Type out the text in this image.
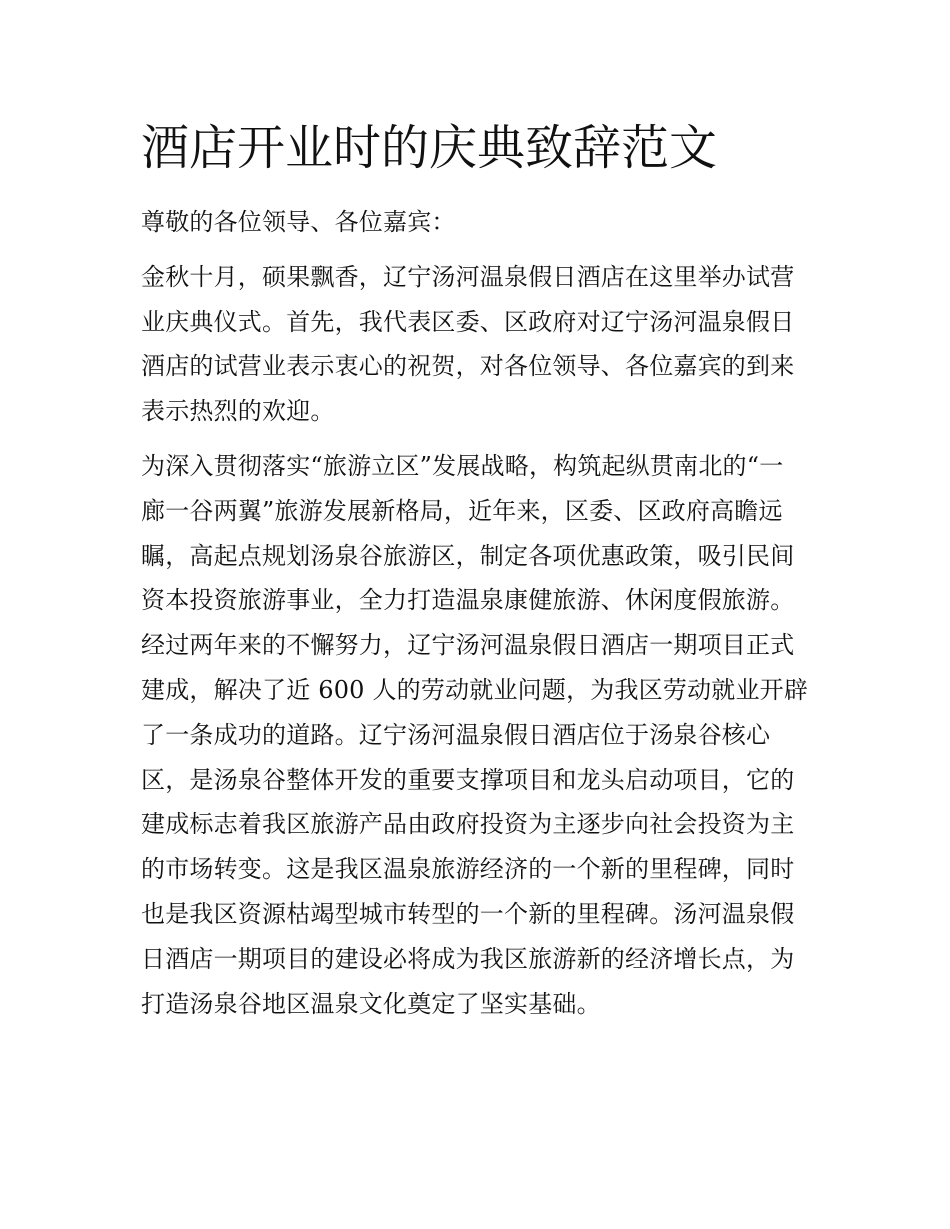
酒店开业时的庆典致辞范文

尊敬的各位领导、各位嘉宾：

金秋十月，硕果飘香，辽宁汤河温泉假日酒店在这里举办试营
业庆典仪式。首先，我代表区委、区政府对辽宁汤河温泉假日
酒店的试营业表示衷心的祝贺，对各位领导、各位嘉宾的到来
表示热烈的欢迎。

为深入贯彻落实“旅游立区”发展战略，构筑起纵贯南北的“一
廊一谷两翼”旅游发展新格局，近年来，区委、区政府高瞻远
瞩，高起点规划汤泉谷旅游区，制定各项优惠政策，吸引民间
资本投资旅游事业，全力打造温泉康健旅游、休闲度假旅游。
经过两年来的不懈努力，辽宁汤河温泉假日酒店一期项目正式
建成，解决了近 600 人的劳动就业问题，为我区劳动就业开辟
了一条成功的道路。辽宁汤河温泉假日酒店位于汤泉谷核心
区，是汤泉谷整体开发的重要支撑项目和龙头启动项目，它的
建成标志着我区旅游产品由政府投资为主逐步向社会投资为主
的市场转变。这是我区温泉旅游经济的一个新的里程碑，同时
也是我区资源枯竭型城市转型的一个新的里程碑。汤河温泉假
日酒店一期项目的建设必将成为我区旅游新的经济增长点，为
打造汤泉谷地区温泉文化奠定了坚实基础。
